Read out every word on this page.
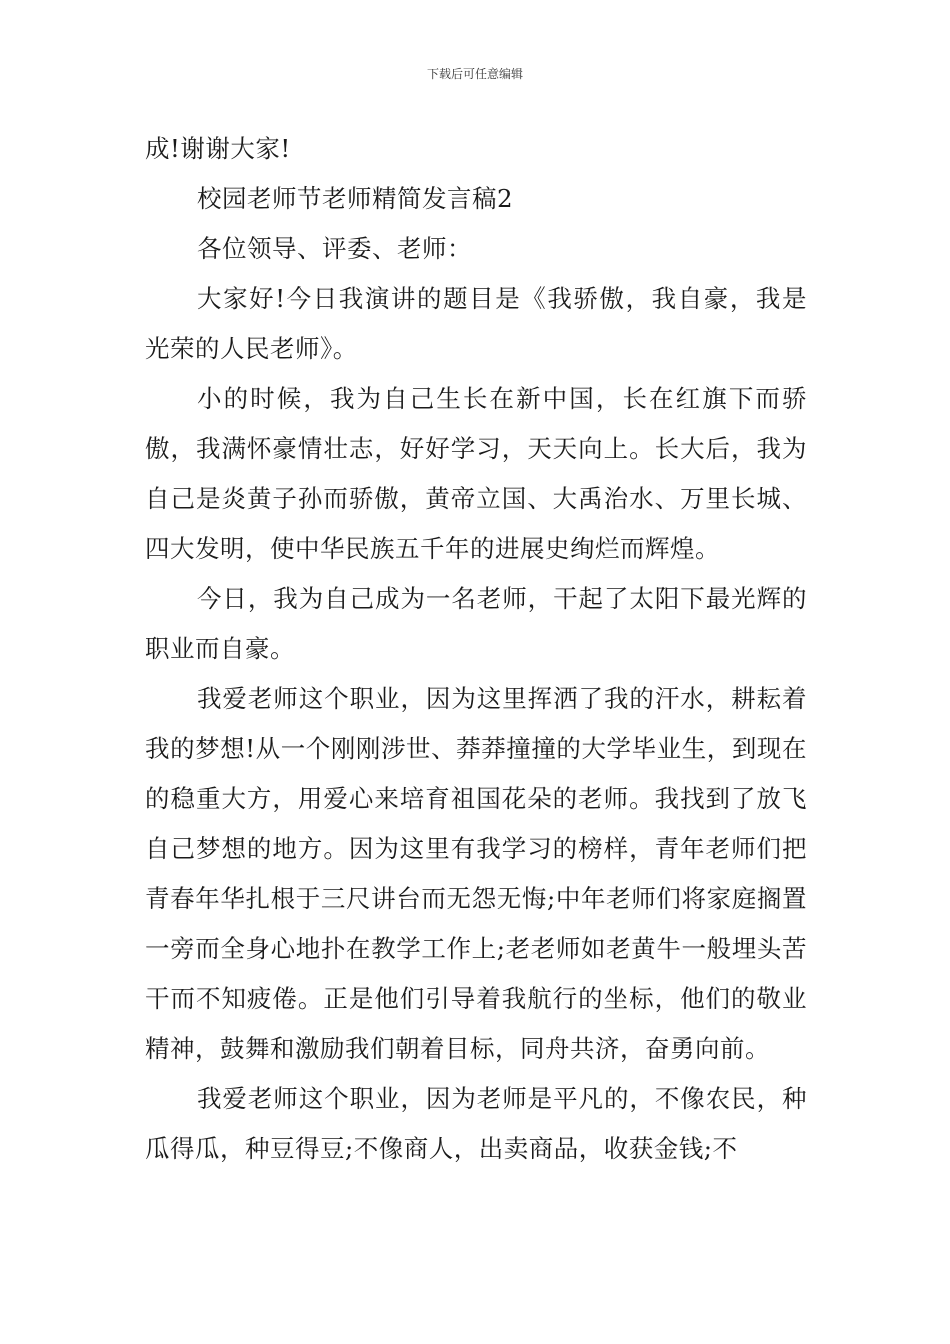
下载后可任意编辑

成!谢谢大家!

校园老师节老师精简发言稿2

各位领导、评委、老师：

大家好!今日我演讲的题目是《我骄傲，我自豪，我是光荣的人民老师》。

小的时候，我为自己生长在新中国，长在红旗下而骄傲，我满怀豪情壮志，好好学习，天天向上。长大后，我为自己是炎黄子孙而骄傲，黄帝立国、大禹治水、万里长城、四大发明，使中华民族五千年的进展史绚烂而辉煌。

今日，我为自己成为一名老师，干起了太阳下最光辉的职业而自豪。

我爱老师这个职业，因为这里挥洒了我的汗水，耕耘着我的梦想!从一个刚刚涉世、莽莽撞撞的大学毕业生，到现在的稳重大方，用爱心来培育祖国花朵的老师。我找到了放飞自己梦想的地方。因为这里有我学习的榜样，青年老师们把青春年华扎根于三尺讲台而无怨无悔;中年老师们将家庭搁置一旁而全身心地扑在教学工作上;老老师如老黄牛一般埋头苦干而不知疲倦。正是他们引导着我航行的坐标，他们的敬业精神，鼓舞和激励我们朝着目标，同舟共济，奋勇向前。

我爱老师这个职业，因为老师是平凡的，不像农民，种瓜得瓜，种豆得豆;不像商人，出卖商品，收获金钱;不
